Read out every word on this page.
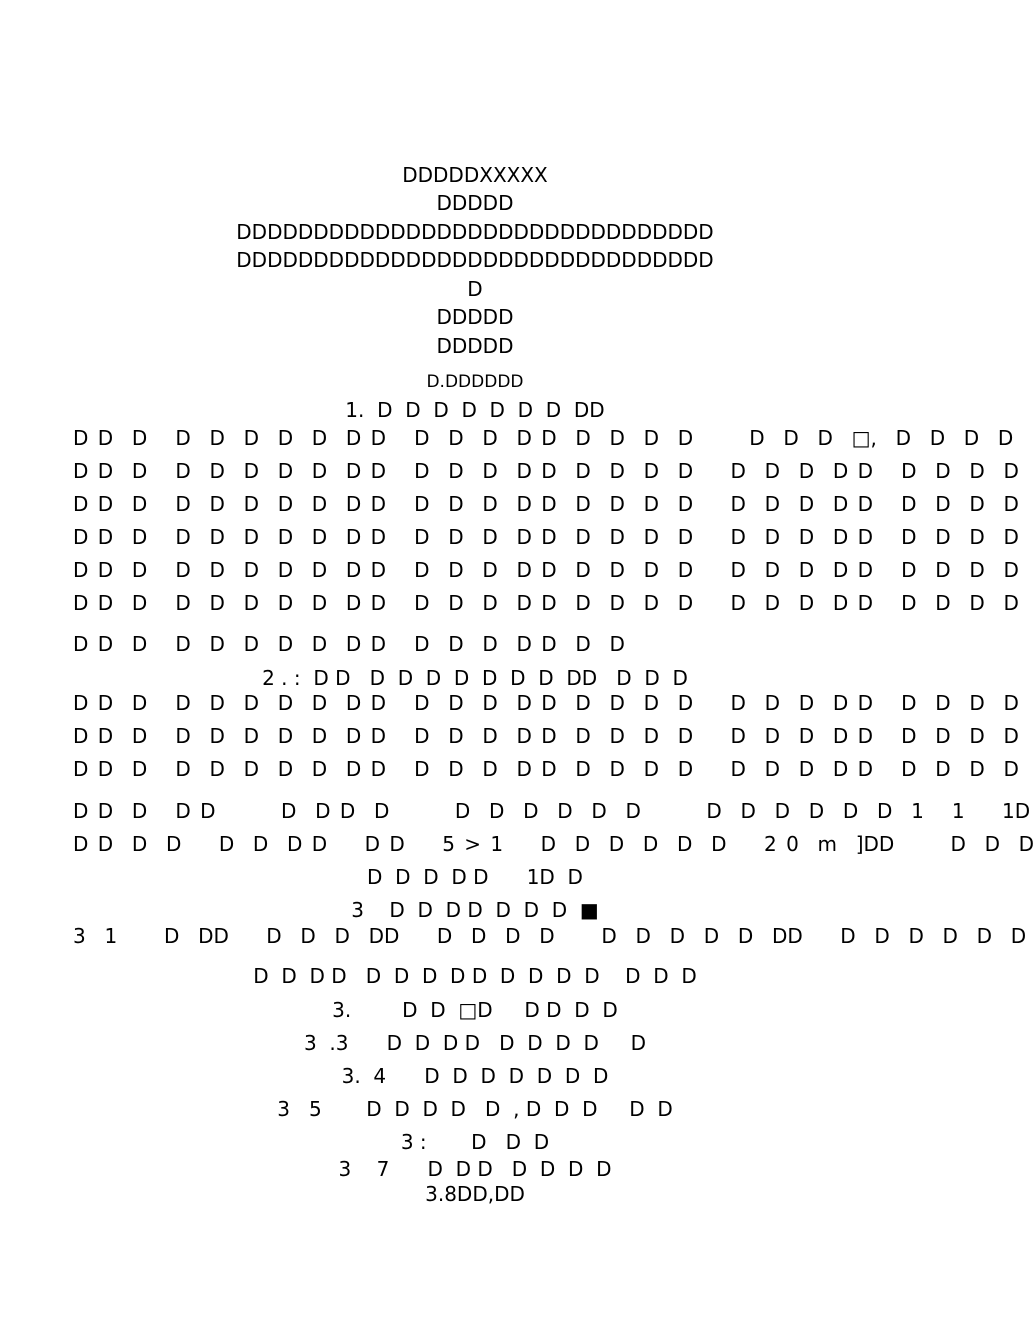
DDDDDXXXXX
DDDDD
DDDDDDDDDDDDDDDDDDDDDDDDDDDDDDD
DDDDDDDDDDDDDDDDDDDDDDDDDDDDDDD
D
DDDDD
DDDDD
D.DDDDDD
1.  D  D  D  D  D  D  D  DD
D D  D   D  D  D  D  D  D D   D  D  D  D D  D  D  D  D      D  D  D  □,  D  D  D  D
D D  D   D  D  D  D  D  D D   D  D  D  D D  D  D  D  D    D  D  D  D D   D  D  D  D
D D  D   D  D  D  D  D  D D   D  D  D  D D  D  D  D  D    D  D  D  D D   D  D  D  D
D D  D   D  D  D  D  D  D D   D  D  D  D D  D  D  D  D    D  D  D  D D   D  D  D  D
D D  D   D  D  D  D  D  D D   D  D  D  D D  D  D  D  D    D  D  D  D D   D  D  D  D
D D  D   D  D  D  D  D  D D   D  D  D  D D  D  D  D  D    D  D  D  D D   D  D  D  D
D D  D   D  D  D  D  D  D D   D  D  D  D D  D  D
2 . :  D D   D  D  D  D  D  D  D  DD   D  D  D
D D  D   D  D  D  D  D  D D   D  D  D  D D  D  D  D  D    D  D  D  D D   D  D  D  D
D D  D   D  D  D  D  D  D D   D  D  D  D D  D  D  D  D    D  D  D  D D   D  D  D  D
D D  D   D  D  D  D  D  D D   D  D  D  D D  D  D  D  D    D  D  D  D D   D  D  D  D
D D  D   D D       D  D D  D       D  D  D  D  D  D       D  D  D  D  D  D  1   1    1D
D D  D  D    D  D  D D    D D    5 > 1    D  D  D  D  D  D    2 0  m  ]DD      D  D  D
D  D  D  D D      1D  D
3    D  D  D D  D  D  D  ■
3  1     D  DD    D  D  D  DD    D  D  D  D     D  D  D  D  D  DD    D  D  D  D  D  D
D  D  D D   D  D  D  D D  D  D  D  D    D  D  D
3.        D  D  □D     D D  D  D
3  .3      D  D  D D   D  D  D  D     D
3.  4      D  D  D  D  D  D  D
3   5       D  D  D  D   D  , D  D  D     D  D
3 :       D   D  D
3    7      D  D D   D  D  D  D
3.8DD,DD
